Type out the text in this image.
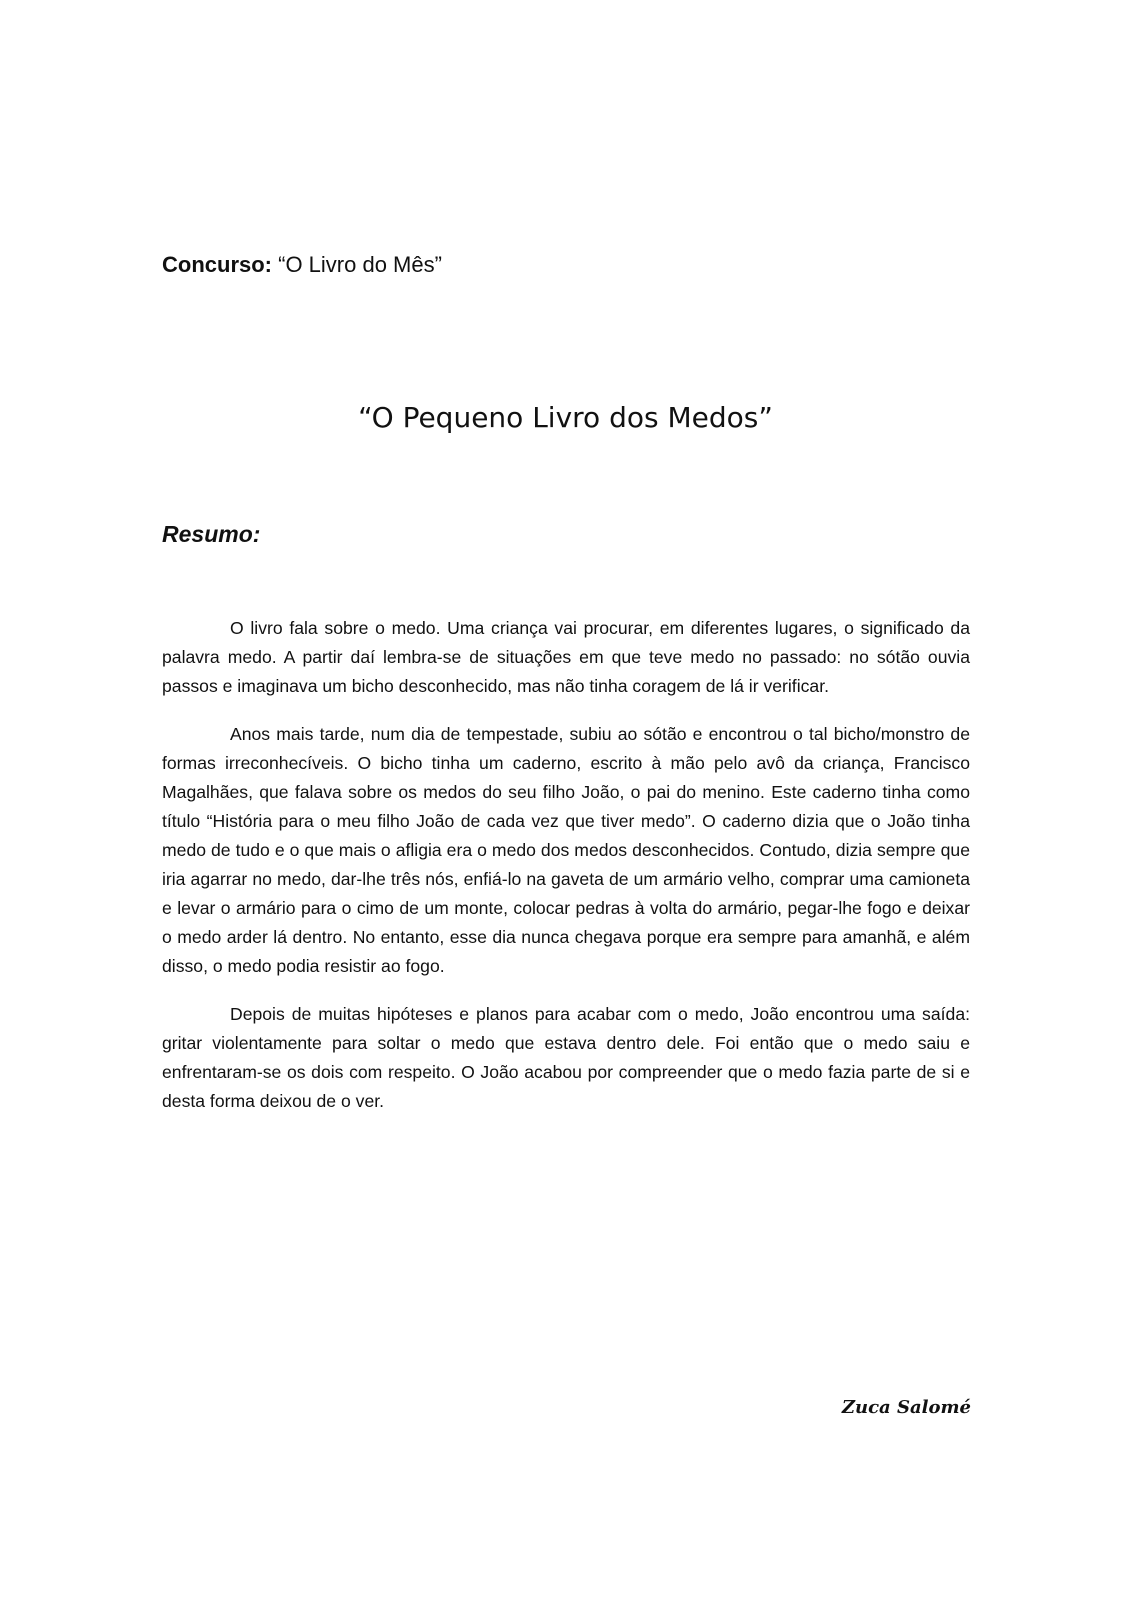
Concurso: “O Livro do Mês”
“O Pequeno Livro dos Medos”
Resumo:

O livro fala sobre o medo. Uma criança vai procurar, em diferentes lugares, o significado da palavra medo. A partir daí lembra-se de situações em que teve medo no passado: no sótão ouvia passos e imaginava um bicho desconhecido, mas não tinha coragem de lá ir verificar.

Anos mais tarde, num dia de tempestade, subiu ao sótão e encontrou o tal bicho/monstro de formas irreconhecíveis. O bicho tinha um caderno, escrito à mão pelo avô da criança, Francisco Magalhães, que falava sobre os medos do seu filho João, o pai do menino. Este caderno tinha como título “História para o meu filho João de cada vez que tiver medo”. O caderno dizia que o João tinha medo de tudo e o que mais o afligia era o medo dos medos desconhecidos. Contudo, dizia sempre que iria agarrar no medo, dar-lhe três nós, enfiá-lo na gaveta de um armário velho, comprar uma camioneta e levar o armário para o cimo de um monte, colocar pedras à volta do armário, pegar-lhe fogo e deixar o medo arder lá dentro. No entanto, esse dia nunca chegava porque era sempre para amanhã, e além disso, o medo podia resistir ao fogo.

Depois de muitas hipóteses e planos para acabar com o medo, João encontrou uma saída: gritar violentamente para soltar o medo que estava dentro dele. Foi então que o medo saiu e enfrentaram-se os dois com respeito. O João acabou por compreender que o medo fazia parte de si e desta forma deixou de o ver.

Zuca Salomé
